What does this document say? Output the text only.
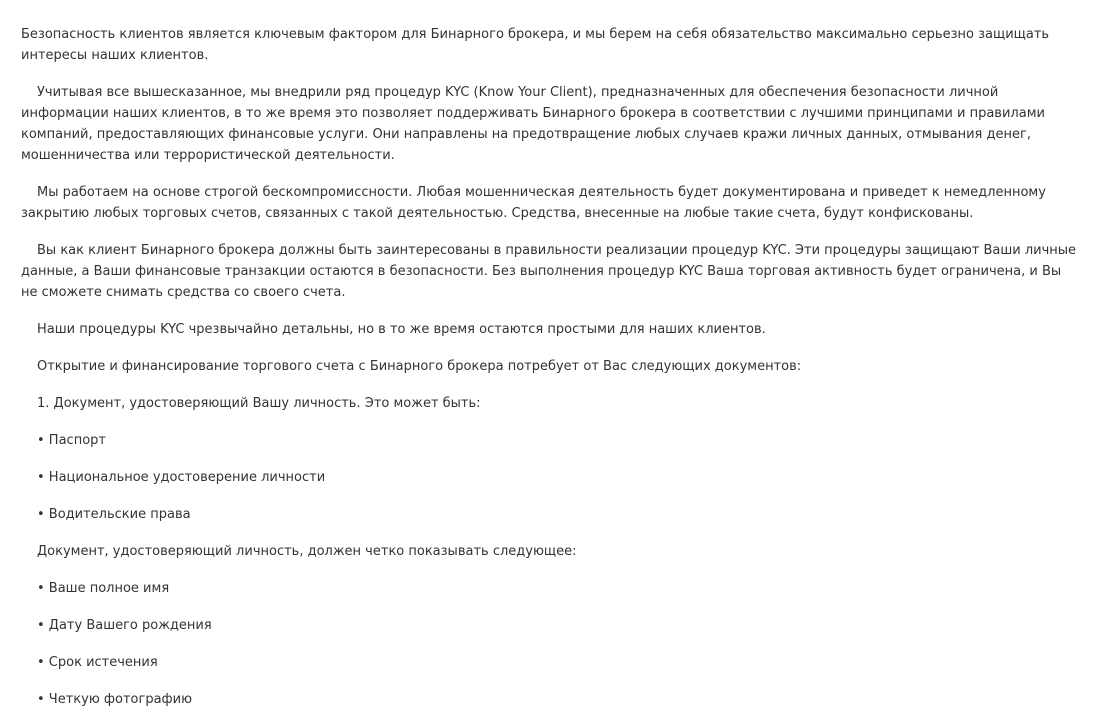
Безопасность клиентов является ключевым фактором для Бинарного брокера, и мы берем на себя обязательство максимально серьезно защищать интересы наших клиентов.

Учитывая все вышесказанное, мы внедрили ряд процедур KYC (Know Your Client), предназначенных для обеспечения безопасности личной информации наших клиентов, в то же время это позволяет поддерживать Бинарного брокера в соответствии с лучшими принципами и правилами компаний, предоставляющих финансовые услуги. Они направлены на предотвращение любых случаев кражи личных данных, отмывания денег, мошенничества или террористической деятельности.

Мы работаем на основе строгой бескомпромиссности. Любая мошенническая деятельность будет документирована и приведет к немедленному закрытию любых торговых счетов, связанных с такой деятельностью. Средства, внесенные на любые такие счета, будут конфискованы.

Вы как клиент Бинарного брокера должны быть заинтересованы в правильности реализации процедур KYC. Эти процедуры защищают Ваши личные данные, а Ваши финансовые транзакции остаются в безопасности. Без выполнения процедур KYC Ваша торговая активность будет ограничена, и Вы не сможете снимать средства со своего счета.

Наши процедуры KYC чрезвычайно детальны, но в то же время остаются простыми для наших клиентов.
Открытие и финансирование торгового счета с Бинарного брокера потребует от Вас следующих документов:
1. Документ, удостоверяющий Вашу личность. Это может быть:
• Паспорт
• Национальное удостоверение личности
• Водительские права
Документ, удостоверяющий личность, должен четко показывать следующее:
• Ваше полное имя
• Дату Вашего рождения
• Срок истечения
• Четкую фотографию
